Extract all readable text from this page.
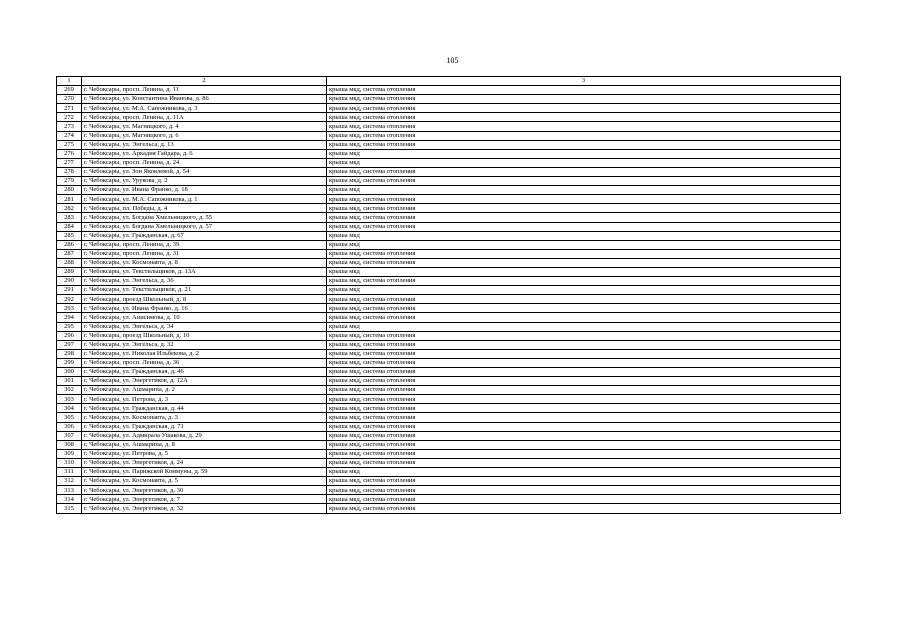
105
1	2	3
269	г. Чебоксары, просп. Ленина, д. 11	крыша мкд, система отопления
270	г. Чебоксары, ул. Константина Иванова, д. 86	крыша мкд, система отопления
271	г. Чебоксары, ул. М.А. Сапожникова, д. 3	крыша мкд, система отопления
272	г. Чебоксары, просп. Ленина, д. 11А	крыша мкд, система отопления
273	г. Чебоксары, ул. Магницкого, д. 4	крыша мкд, система отопления
274	г. Чебоксары, ул. Магницкого, д. 6	крыша мкд, система отопления
275	г. Чебоксары, ул. Энгельса, д. 13	крыша мкд, система отопления
276	г. Чебоксары, ул. Аркадия Гайдара, д. 6	крыша мкд
277	г. Чебоксары, просп. Ленина, д. 24	крыша мкд
278	г. Чебоксары, ул. Зои Яковлевой, д. 54	крыша мкд, система отопления
279	г. Чебоксары, ул. Урукова, д. 2	крыша мкд, система отопления
280	г. Чебоксары, ул. Ивана Франко, д. 18	крыша мкд
281	г. Чебоксары, ул. М.А. Сапожникова, д. 1	крыша мкд, система отопления
282	г. Чебоксары, пл. Победы, д. 4	крыша мкд, система отопления
283	г. Чебоксары, ул. Богдана Хмельницкого, д. 55	крыша мкд, система отопления
284	г. Чебоксары, ул. Богдана Хмельницкого, д. 57	крыша мкд, система отопления
285	г. Чебоксары, ул. Гражданская, д. 67	крыша мкд
286	г. Чебоксары, просп. Ленина, д. 39	крыша мкд
287	г. Чебоксары, просп. Ленина, д. 31	крыша мкд, система отопления
288	г. Чебоксары, ул. Космонавта, д. 8	крыша мкд, система отопления
289	г. Чебоксары, ул. Текстильщиков, д. 13А	крыша мкд
290	г. Чебоксары, ул. Энгельса, д. 36	крыша мкд, система отопления
291	г. Чебоксары, ул. Текстильщиков, д. 21	крыша мкд
292	г. Чебоксары, проезд Школьный, д. 8	крыша мкд, система отопления
293	г. Чебоксары, ул. Ивана Франко, д. 16	крыша мкд, система отопления
294	г. Чебоксары, ул. Анисимова, д. 10	крыша мкд, система отопления
295	г. Чебоксары, ул. Энгельса, д. 34	крыша мкд
296	г. Чебоксары, проезд Школьный, д. 10	крыша мкд, система отопления
297	г. Чебоксары, ул. Энгельса, д. 32	крыша мкд, система отопления
298	г. Чебоксары, ул. Николая Ильбекова, д. 2	крыша мкд, система отопления
299	г. Чебоксары, просп. Ленина, д. 36	крыша мкд, система отопления
300	г. Чебоксары, ул. Гражданская, д. 46	крыша мкд, система отопления
301	г. Чебоксары, ул. Энергетиков, д. 12А	крыша мкд, система отопления
302	г. Чебоксары, ул. Ашмарина, д. 2	крыша мкд, система отопления
303	г. Чебоксары, ул. Петрова, д. 3	крыша мкд, система отопления
304	г. Чебоксары, ул. Гражданская, д. 44	крыша мкд, система отопления
305	г. Чебоксары, ул. Космонавта, д. 3	крыша мкд, система отопления
306	г. Чебоксары, ул. Гражданская, д. 71	крыша мкд, система отопления
307	г. Чебоксары, ул. Адмирала Ушакова, д. 29	крыша мкд, система отопления
308	г. Чебоксары, ул. Ашмарина, д. 8	крыша мкд, система отопления
309	г. Чебоксары, ул. Петрова, д. 5	крыша мкд, система отопления
310	г. Чебоксары, ул. Энергетиков, д. 24	крыша мкд, система отопления
311	г. Чебоксары, ул. Парижской Коммуны, д. 59	крыша мкд
312	г. Чебоксары, ул. Космонавта, д. 5	крыша мкд, система отопления
313	г. Чебоксары, ул. Энергетиков, д. 30	крыша мкд, система отопления
314	г. Чебоксары, ул. Энергетиков, д. 7	крыша мкд, система отопления
315	г. Чебоксары, ул. Энергетиков, д. 32	крыша мкд, система отопления
